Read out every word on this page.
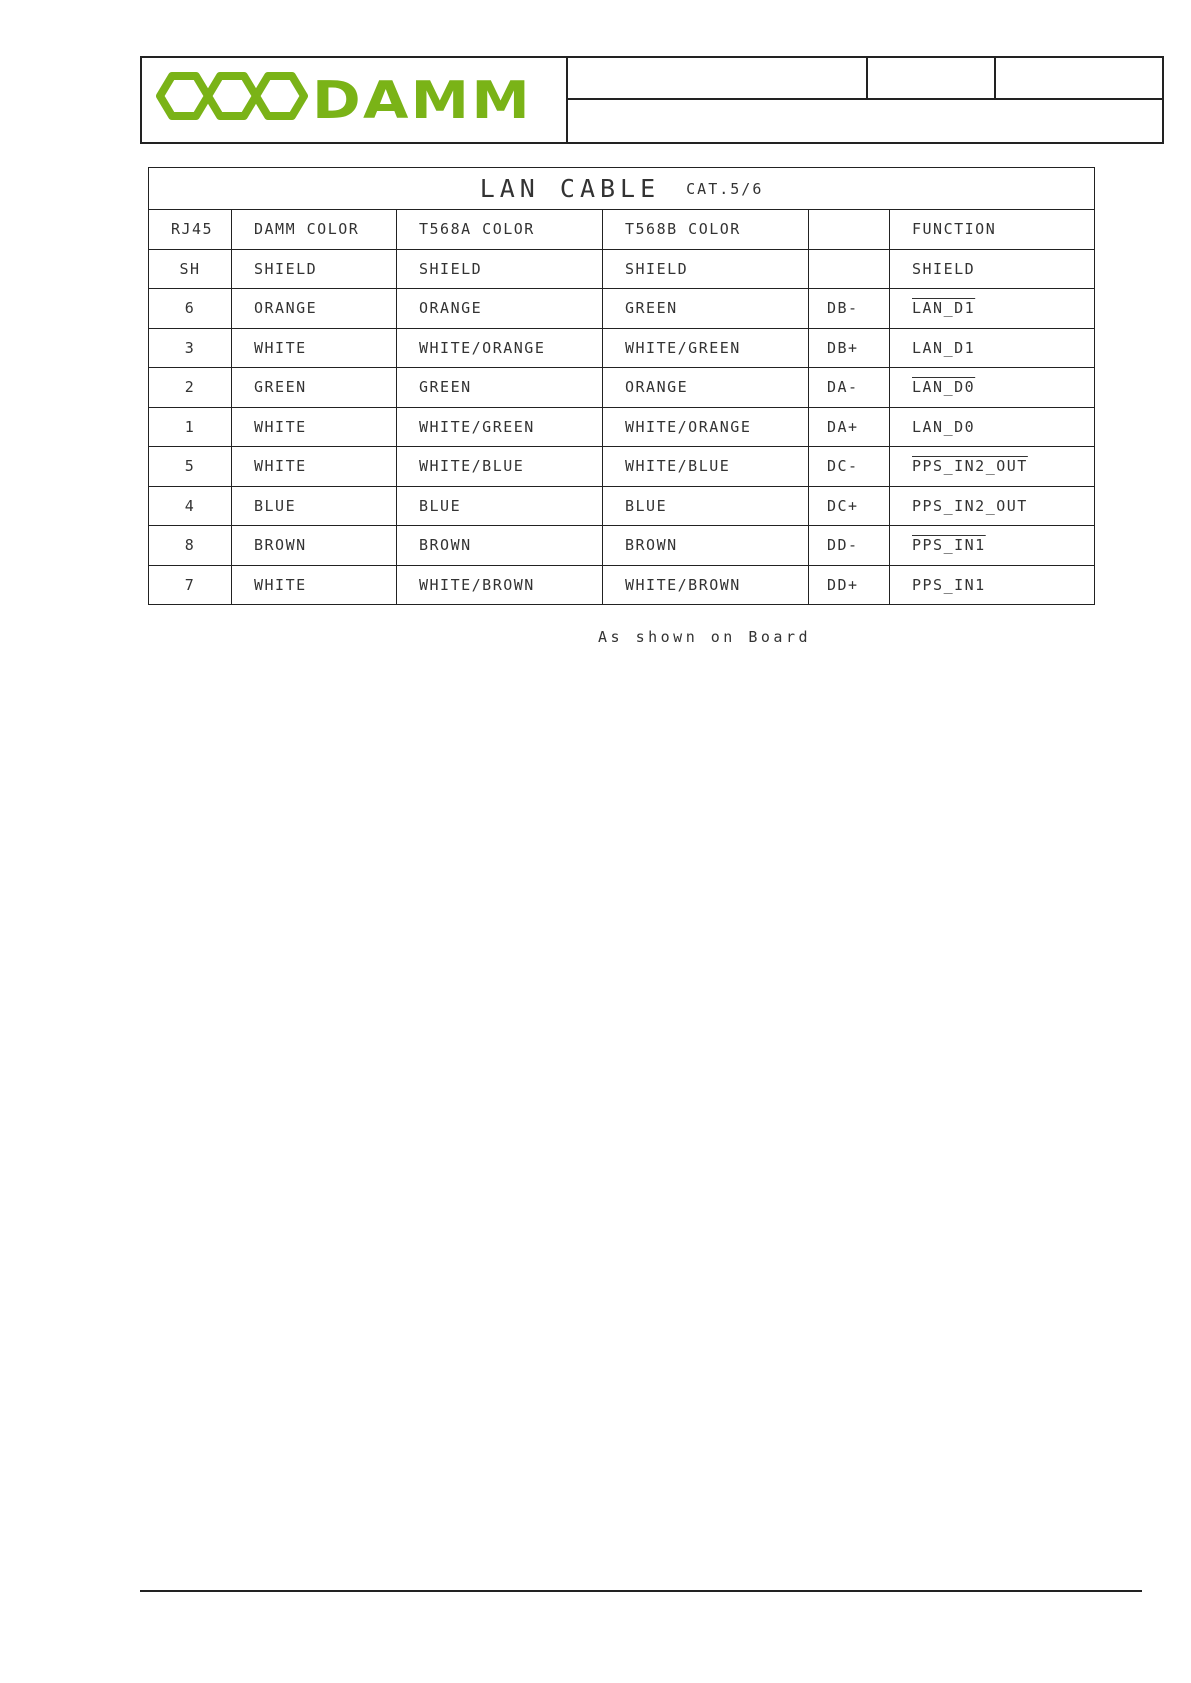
DAMM
LAN CABLE CAT.5/6					
RJ45	DAMM COLOR	T568A COLOR	T568B COLOR		FUNCTION
SH	SHIELD	SHIELD	SHIELD		SHIELD
6	ORANGE	ORANGE	GREEN	DB-	LAN_D1
3	WHITE	WHITE/ORANGE	WHITE/GREEN	DB+	LAN_D1
2	GREEN	GREEN	ORANGE	DA-	LAN_D0
1	WHITE	WHITE/GREEN	WHITE/ORANGE	DA+	LAN_D0
5	WHITE	WHITE/BLUE	WHITE/BLUE	DC-	PPS_IN2_OUT
4	BLUE	BLUE	BLUE	DC+	PPS_IN2_OUT
8	BROWN	BROWN	BROWN	DD-	PPS_IN1
7	WHITE	WHITE/BROWN	WHITE/BROWN	DD+	PPS_IN1
As shown on Board
